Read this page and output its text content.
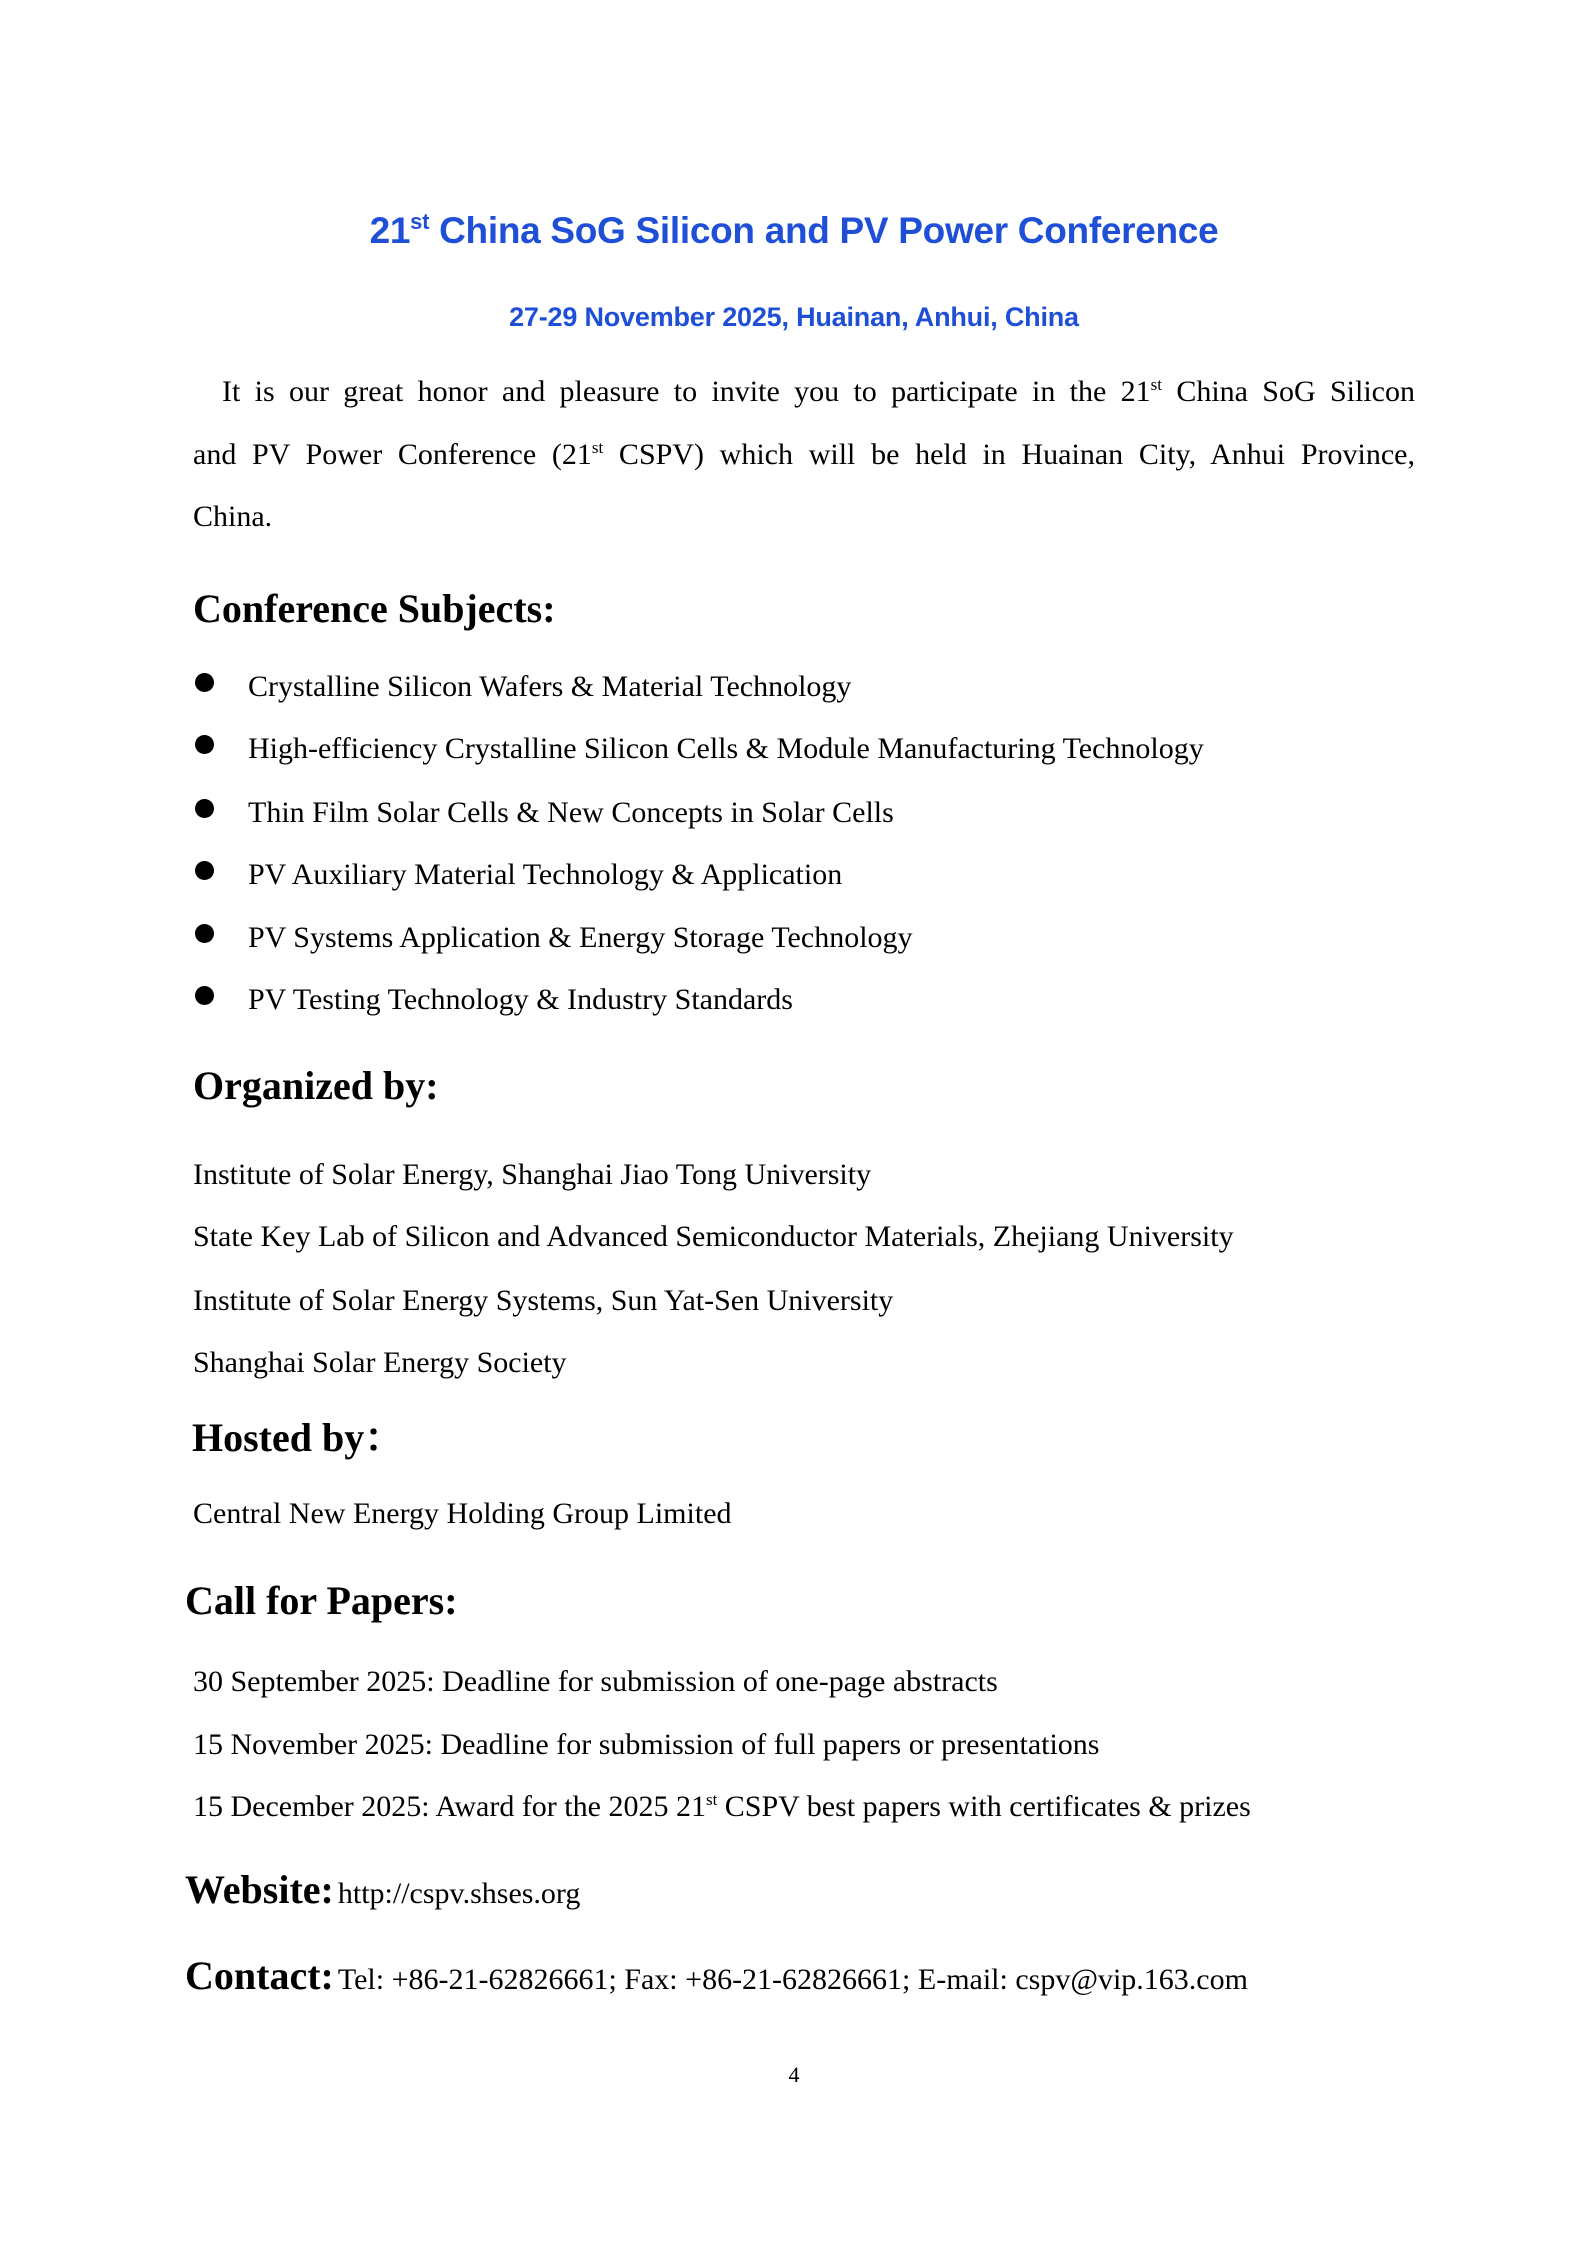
21st China SoG Silicon and PV Power Conference
27-29 November 2025, Huainan, Anhui, China
It is our great honor and pleasure to invite you to participate in the 21st China SoG Silicon
and PV Power Conference (21st CSPV) which will be held in Huainan City, Anhui Province,
China.
Conference Subjects:
Crystalline Silicon Wafers & Material Technology
High-efficiency Crystalline Silicon Cells & Module Manufacturing Technology
Thin Film Solar Cells & New Concepts in Solar Cells
PV Auxiliary Material Technology & Application
PV Systems Application & Energy Storage Technology
PV Testing Technology & Industry Standards
Organized by:
Institute of Solar Energy, Shanghai Jiao Tong University
State Key Lab of Silicon and Advanced Semiconductor Materials, Zhejiang University
Institute of Solar Energy Systems, Sun Yat-Sen University
Shanghai Solar Energy Society
Hosted by：
Central New Energy Holding Group Limited
Call for Papers:
30 September 2025: Deadline for submission of one-page abstracts
15 November 2025: Deadline for submission of full papers or presentations
15 December 2025: Award for the 2025 21st CSPV best papers with certificates & prizes
Website: http://cspv.shses.org
Contact: Tel: +86-21-62826661; Fax: +86-21-62826661; E-mail: cspv@vip.163.com
4
